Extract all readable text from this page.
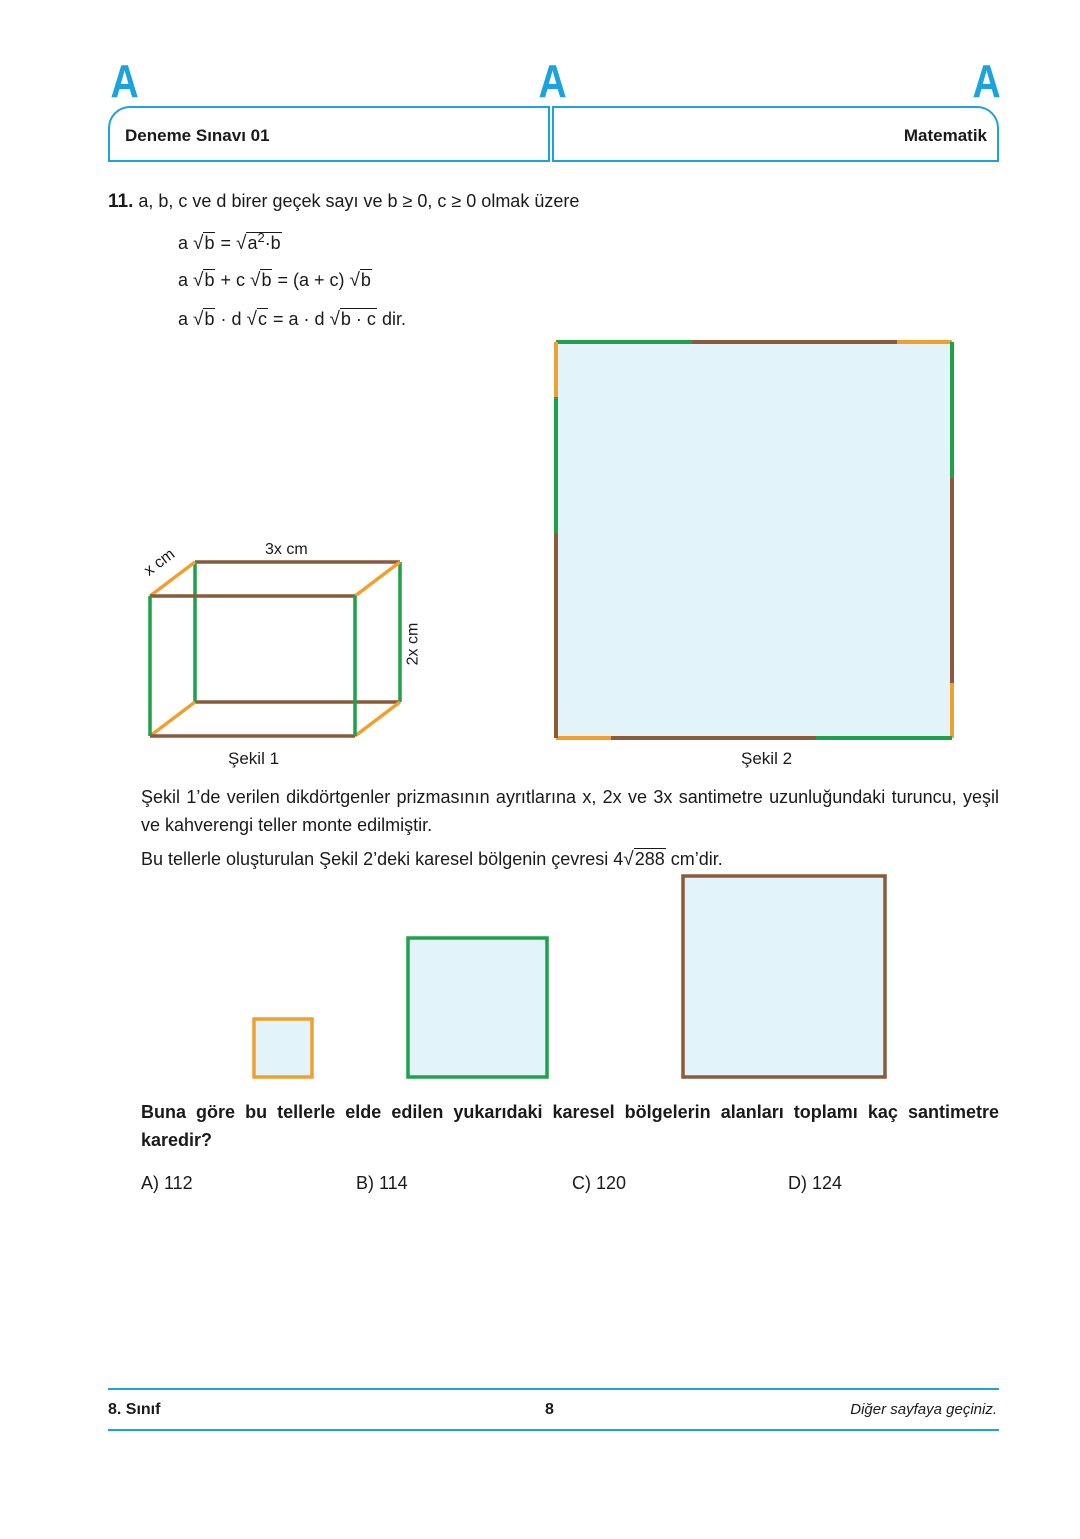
A	A	A
Deneme Sınavı 01	Matematik
11. a, b, c ve d birer geçek sayı ve b ≥ 0, c ≥ 0 olmak üzere
a $√b = √a^2\cdot b$
a √b + c √b = (a + c) √b
a √b · d √c = a · d √b · c dir.
3x cm
x cm
2x cm
Şekil 1	Şekil 2
Şekil 1’de verilen dikdörtgenler prizmasının ayrıtlarına x, 2x ve 3x santimetre uzunluğundaki turuncu, yeşil ve kahverengi teller monte edilmiştir.
Bu tellerle oluşturulan Şekil 2’deki karesel bölgenin çevresi 4√288 cm’dir.
Buna göre bu tellerle elde edilen yukarıdaki karesel bölgelerin alanları toplamı kaç santimetre karedir?
A) 112	B) 114	C) 120	D) 124
8. Sınıf	8	Diğer sayfaya geçiniz.
